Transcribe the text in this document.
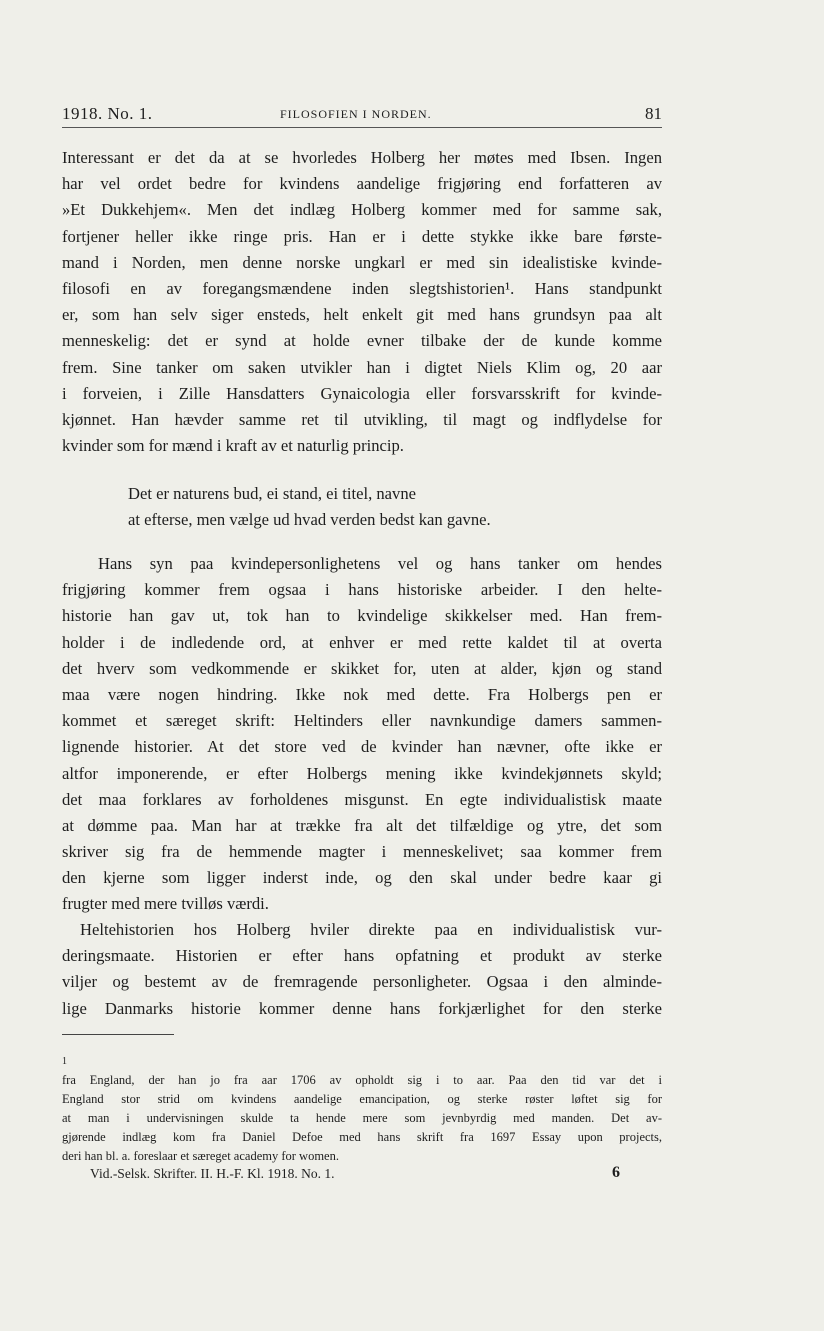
1918. No. 1.	FILOSOFIEN I NORDEN.	81
Interessant er det da at se hvorledes Holberg her møtes med Ibsen. Ingen
har vel ordet bedre for kvindens aandelige frigjøring end forfatteren av
»Et Dukkehjem«. Men det indlæg Holberg kommer med for samme sak,
fortjener heller ikke ringe pris. Han er i dette stykke ikke bare første-
mand i Norden, men denne norske ungkarl er med sin idealistiske kvinde-
filosofi en av foregangsmændene inden slegtshistorien¹. Hans standpunkt
er, som han selv siger ensteds, helt enkelt git med hans grundsyn paa alt
menneskelig: det er synd at holde evner tilbake der de kunde komme
frem. Sine tanker om saken utvikler han i digtet Niels Klim og, 20 aar
i forveien, i Zille Hansdatters Gynaicologia eller forsvarsskrift for kvinde-
kjønnet. Han hævder samme ret til utvikling, til magt og indflydelse for
kvinder som for mænd i kraft av et naturlig princip.
Det er naturens bud, ei stand, ei titel, navne
at efterse, men vælge ud hvad verden bedst kan gavne.
Hans syn paa kvindepersonlighetens vel og hans tanker om hendes
frigjøring kommer frem ogsaa i hans historiske arbeider. I den helte-
historie han gav ut, tok han to kvindelige skikkelser med. Han frem-
holder i de indledende ord, at enhver er med rette kaldet til at overta
det hverv som vedkommende er skikket for, uten at alder, kjøn og stand
maa være nogen hindring. Ikke nok med dette. Fra Holbergs pen er
kommet et særeget skrift: Heltinders eller navnkundige damers sammen-
lignende historier. At det store ved de kvinder han nævner, ofte ikke er
altfor imponerende, er efter Holbergs mening ikke kvindekjønnets skyld;
det maa forklares av forholdenes misgunst. En egte individualistisk maate
at dømme paa. Man har at trække fra alt det tilfældige og ytre, det som
skriver sig fra de hemmende magter i menneskelivet; saa kommer frem
den kjerne som ligger inderst inde, og den skal under bedre kaar gi
frugter med mere tvilløs værdi.
Heltehistorien hos Holberg hviler direkte paa en individualistisk vur-
deringsmaate. Historien er efter hans opfatning et produkt av sterke
viljer og bestemt av de fremragende personligheter. Ogsaa i den alminde-
lige Danmarks historie kommer denne hans forkjærlighet for den sterke
$^1$
fra England, der han jo fra aar 1706 av opholdt sig i to aar. Paa den tid var det i
England stor strid om kvindens aandelige emancipation, og sterke røster løftet sig for
at man i undervisningen skulde ta hende mere som jevnbyrdig med manden. Det av-
gjørende indlæg kom fra Daniel Defoe med hans skrift fra 1697 Essay upon projects,
deri han bl. a. foreslaar et særeget academy for women.
Vid.-Selsk. Skrifter. II. H.-F. Kl. 1918. No. 1.	6
